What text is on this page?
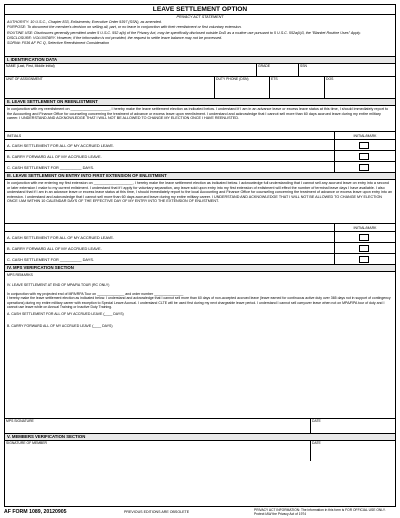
LEAVE SETTLEMENT OPTION
PRIVACY ACT STATEMENT
AUTHORITY: 10 U.S.C., Chapter 833, Enlistments; Executive Order 9397 (SSN), as amended.
PURPOSE: To document the member's decision on selling all, part, or no leave in conjunction with their reenlistment or first voluntary extension.
ROUTINE USE: Disclosures generally permitted under 5 U.S.C. 552 a(b) of the Privacy Act, may be specifically disclosed outside DoD as a routine use pursuant to 5 U.S.C. 552a(b)3, the "Blanket Routine Uses" Apply.
DISCLOSURE: VOLUNTARY. However, if the information is not provided, the request to settle leave balance may not be processed.
SORN#: F036 AF PC Q, Selective Reenlistment Consideration
I. IDENTIFICATION DATA
NAME (Last, First, Middle Initial)	GRADE	SSN
UNIT OF ASSIGNMENT	DUTY PHONE (DSN)	ETS	DOS
II. LEAVE SETTLEMENT ON REENLISTMENT
In conjunction with my reenlistment on ___________________, I hereby make the leave settlement election as indicated below. I understand if I am in an advance leave or excess leave status at this time, I should immediately report to the Accounting and Finance Office for counseling concerning the treatment of advance or excess leave upon reenlistment. I understand and acknowledge that I cannot sell more than 60 days accrued leave during my entire military career. I UNDERSTAND AND ACKNOWLEDGE THAT I WILL NOT BE ALLOWED TO CHANGE MY ELECTION ONCE I HAVE REENLISTED.
INITIALS	INITIAL/MARK
A. CASH SETTLEMENT FOR ALL OF MY ACCRUED LEAVE.
B. CARRY FORWARD ALL OF MY ACCRUED LEAVE.
C. CASH SETTLEMENT FOR __________ DAYS.
III. LEAVE SETTLEMENT ON ENTRY INTO FIRST EXTENSION OF ENLISTMENT
In conjunction with me entering my first extension on ___________________, I hereby make the leave settlement election as indicated below. I acknowledge full understanding that I cannot sell any accrued leave on entry into a second or later extension I make to my current enlistment. I understand that if I apply for voluntary separation, any leave sold upon entry into my first extension of enlistment will effect the number of terminal leave days I have available. I also understand that if I am in an advance leave or excess leave status at this time, I should immediately report to the local Accounting and Finance Office for counseling concerning the treatment of advance or excess leave upon entry into an extension. I understand and acknowledge that I cannot sell more than 60 days accrued leave during my entire military career. I UNDERSTAND AND ACKNOWLEDGE THAT I WILL NOT BE ALLOWED TO CHANGE MY ELECTION ONCE I AM WITHIN 10 CALENDAR DAYS OF THE EFFECTIVE DAY OF MY ENTRY INTO THE EXTENSION OF ENLISTMENT.
INITIAL/MARK
A. CASH SETTLEMENT FOR ALL OF MY ACCRUED LEAVE.
B. CARRY FORWARD ALL OF MY ACCRUED LEAVE.
C. CASH SETTLEMENT FOR __________ DAYS.
IV. MPS VERIFICATION SECTION
MPS REMARKS
IV. LEAVE SETTLEMENT AT END OF MPA/RA TOUR (RC ONLY)
In conjunction with my projected end of MPA/RPA Tour on ______________ and order number _______________
I hereby make the leave settlement election as indicated below. I understand and acknowledge that I cannot sell more than 60 days of non-accepted accrued leave (leave earned for continuous active duty over 365 days not in support of contingency operations) during my entire military career with exception to Special Leave Accrual. I understand CLTE will be used first during my next chargeable leave period. I understand I cannot sell carryover leave when not on MPA/RPA tour of duty and I cannot use leave while on Annual Training or Inactive Duty Training.
A. CASH SETTLEMENT FOR ALL OF MY ACCRUED LEAVE (____ DAYS)
B. CARRY FORWARD ALL OF MY ACCRUED LEAVE (____ DAYS)
MPS SIGNATURE	DATE
V. MEMBERS VERIFICATION SECTION
SIGNATURE OF MEMBER	DATE
AF FORM 1089, 20120905	PREVIOUS EDITIONS ARE OBSOLETE	PRIVACY ACT INFORMATION: The information in this form is FOR OFFICIAL USE ONLY. Protect IAW the Privacy Act of 1974
